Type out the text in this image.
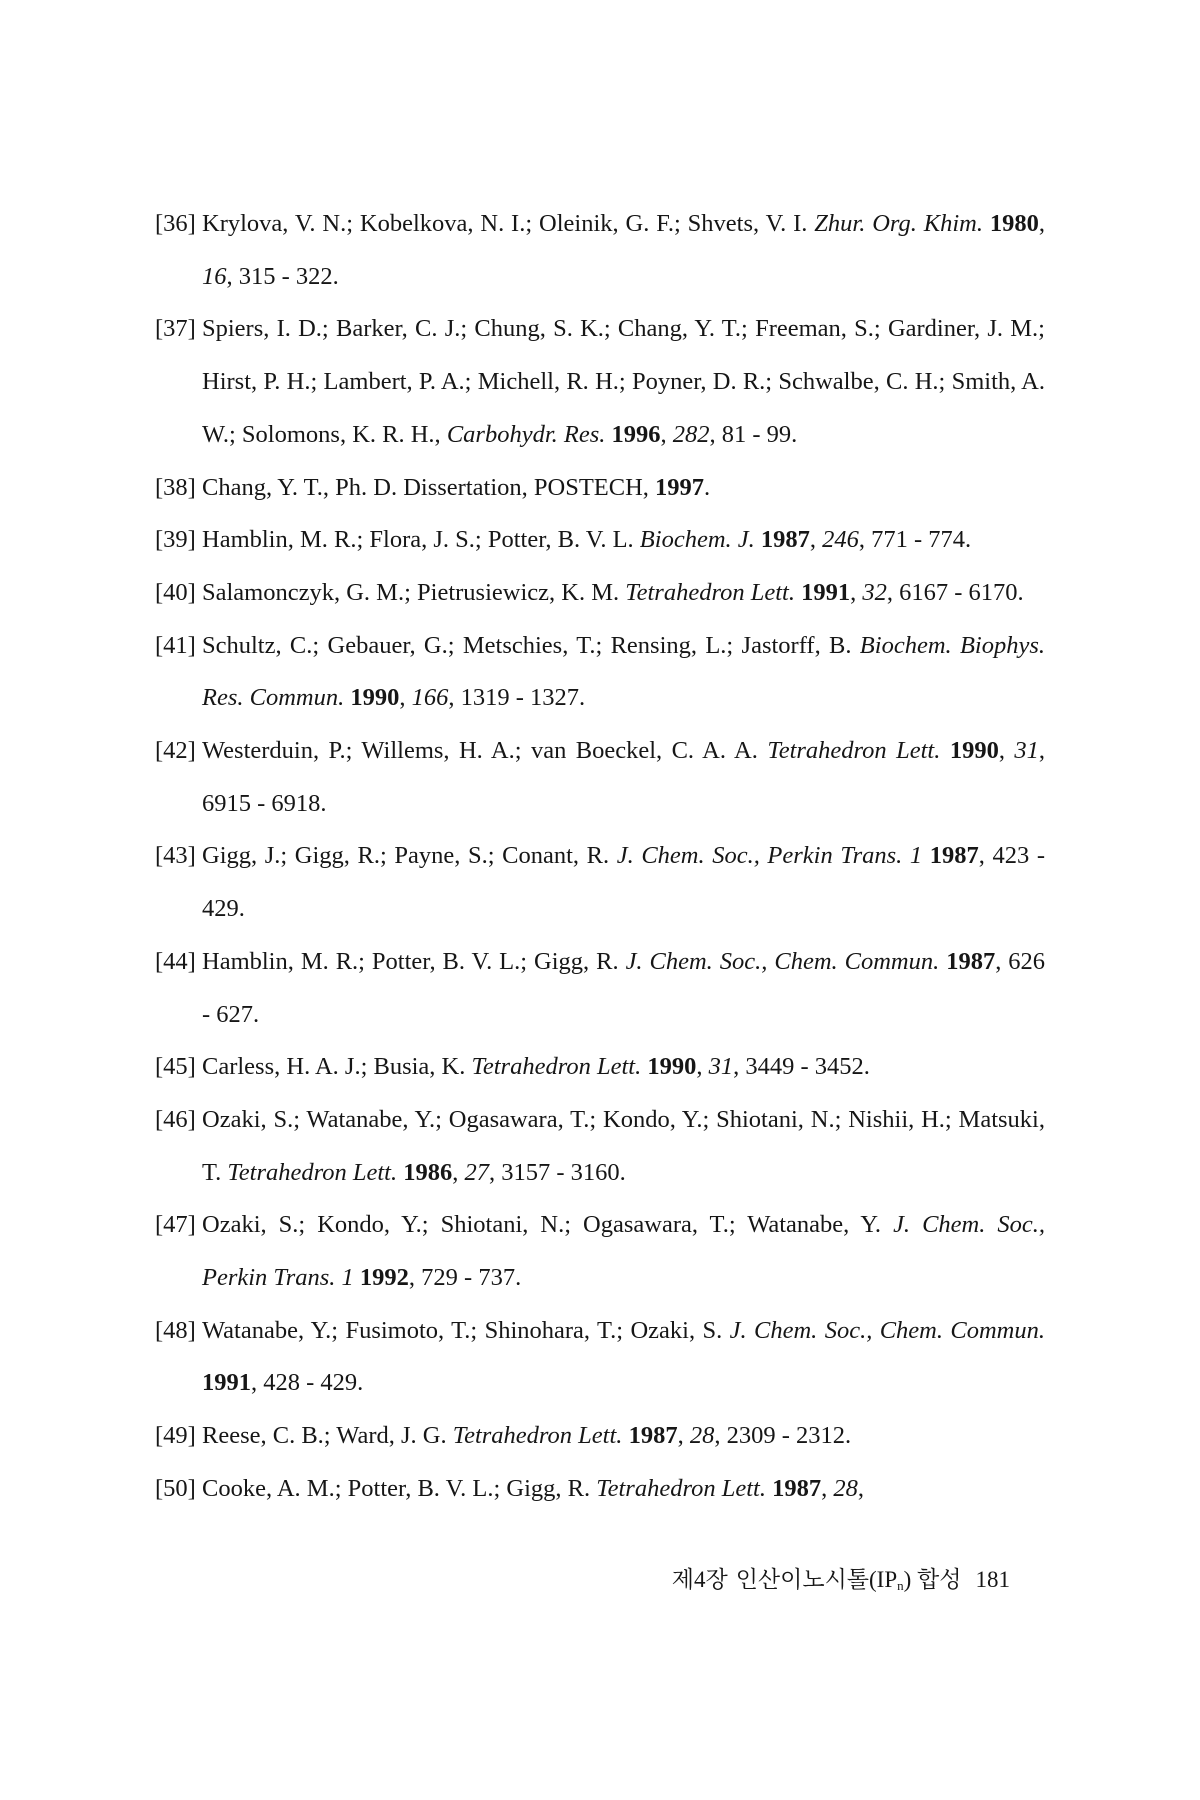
[36] Krylova, V. N.; Kobelkova, N. I.; Oleinik, G. F.; Shvets, V. I. Zhur. Org. Khim. 1980, 16, 315 - 322.
[37] Spiers, I. D.; Barker, C. J.; Chung, S. K.; Chang, Y. T.; Freeman, S.; Gardiner, J. M.; Hirst, P. H.; Lambert, P. A.; Michell, R. H.; Poyner, D. R.; Schwalbe, C. H.; Smith, A. W.; Solomons, K. R. H., Carbohydr. Res. 1996, 282, 81 - 99.
[38] Chang, Y. T., Ph. D. Dissertation, POSTECH, 1997.
[39] Hamblin, M. R.; Flora, J. S.; Potter, B. V. L. Biochem. J. 1987, 246, 771 - 774.
[40] Salamonczyk, G. M.; Pietrusiewicz, K. M. Tetrahedron Lett. 1991, 32, 6167 - 6170.
[41] Schultz, C.; Gebauer, G.; Metschies, T.; Rensing, L.; Jastorff, B. Biochem. Biophys. Res. Commun. 1990, 166, 1319 - 1327.
[42] Westerduin, P.; Willems, H. A.; van Boeckel, C. A. A. Tetrahedron Lett. 1990, 31, 6915 - 6918.
[43] Gigg, J.; Gigg, R.; Payne, S.; Conant, R. J. Chem. Soc., Perkin Trans. 1 1987, 423 - 429.
[44] Hamblin, M. R.; Potter, B. V. L.; Gigg, R. J. Chem. Soc., Chem. Commun. 1987, 626 - 627.
[45] Carless, H. A. J.; Busia, K. Tetrahedron Lett. 1990, 31, 3449 - 3452.
[46] Ozaki, S.; Watanabe, Y.; Ogasawara, T.; Kondo, Y.; Shiotani, N.; Nishii, H.; Matsuki, T. Tetrahedron Lett. 1986, 27, 3157 - 3160.
[47] Ozaki, S.; Kondo, Y.; Shiotani, N.; Ogasawara, T.; Watanabe, Y. J. Chem. Soc., Perkin Trans. 1 1992, 729 - 737.
[48] Watanabe, Y.; Fusimoto, T.; Shinohara, T.; Ozaki, S. J. Chem. Soc., Chem. Commun. 1991, 428 - 429.
[49] Reese, C. B.; Ward, J. G. Tetrahedron Lett. 1987, 28, 2309 - 2312.
[50] Cooke, A. M.; Potter, B. V. L.; Gigg, R. Tetrahedron Lett. 1987, 28,
제4장 인산이노시톨$(IP_n)$ 합성 181
